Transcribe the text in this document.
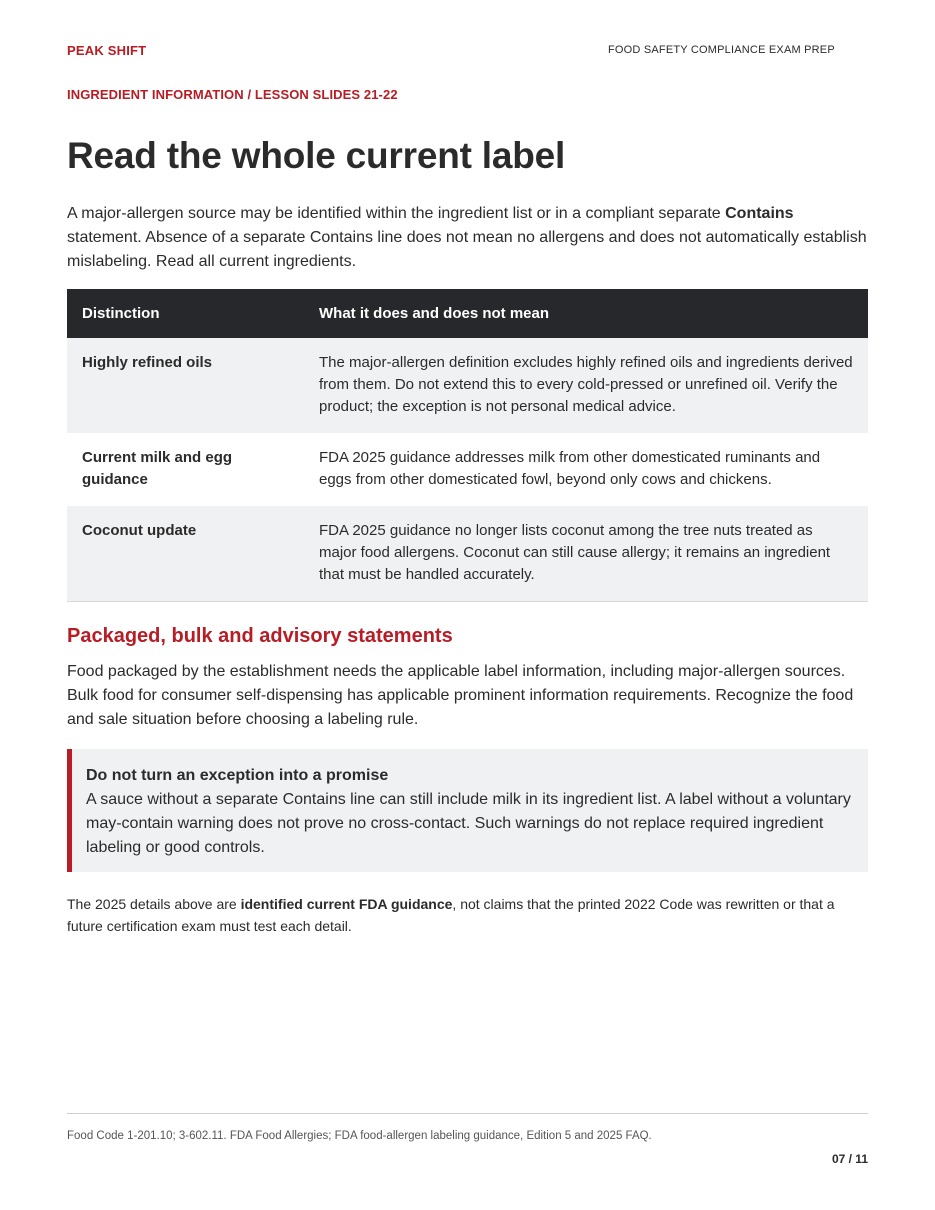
PEAK SHIFT	FOOD SAFETY COMPLIANCE EXAM PREP
INGREDIENT INFORMATION / LESSON SLIDES 21-22
Read the whole current label

A major-allergen source may be identified within the ingredient list or in a compliant separate Contains statement. Absence of a separate Contains line does not mean no allergens and does not automatically establish mislabeling. Read all current ingredients.

Distinction	What it does and does not mean
Highly refined oils	The major-allergen definition excludes highly refined oils and ingredients derived from them. Do not extend this to every cold-pressed or unrefined oil. Verify the product; the exception is not personal medical advice.
Current milk and egg guidance	FDA 2025 guidance addresses milk from other domesticated ruminants and eggs from other domesticated fowl, beyond only cows and chickens.
Coconut update	FDA 2025 guidance no longer lists coconut among the tree nuts treated as major food allergens. Coconut can still cause allergy; it remains an ingredient that must be handled accurately.
Packaged, bulk and advisory statements

Food packaged by the establishment needs the applicable label information, including major-allergen sources. Bulk food for consumer self-dispensing has applicable prominent information requirements. Recognize the food and sale situation before choosing a labeling rule.

Do not turn an exception into a promise
A sauce without a separate Contains line can still include milk in its ingredient list. A label without a voluntary may-contain warning does not prove no cross-contact. Such warnings do not replace required ingredient labeling or good controls.

The 2025 details above are identified current FDA guidance, not claims that the printed 2022 Code was rewritten or that a future certification exam must test each detail.

Food Code 1-201.10; 3-602.11. FDA Food Allergies; FDA food-allergen labeling guidance, Edition 5 and 2025 FAQ.
07 / 11
